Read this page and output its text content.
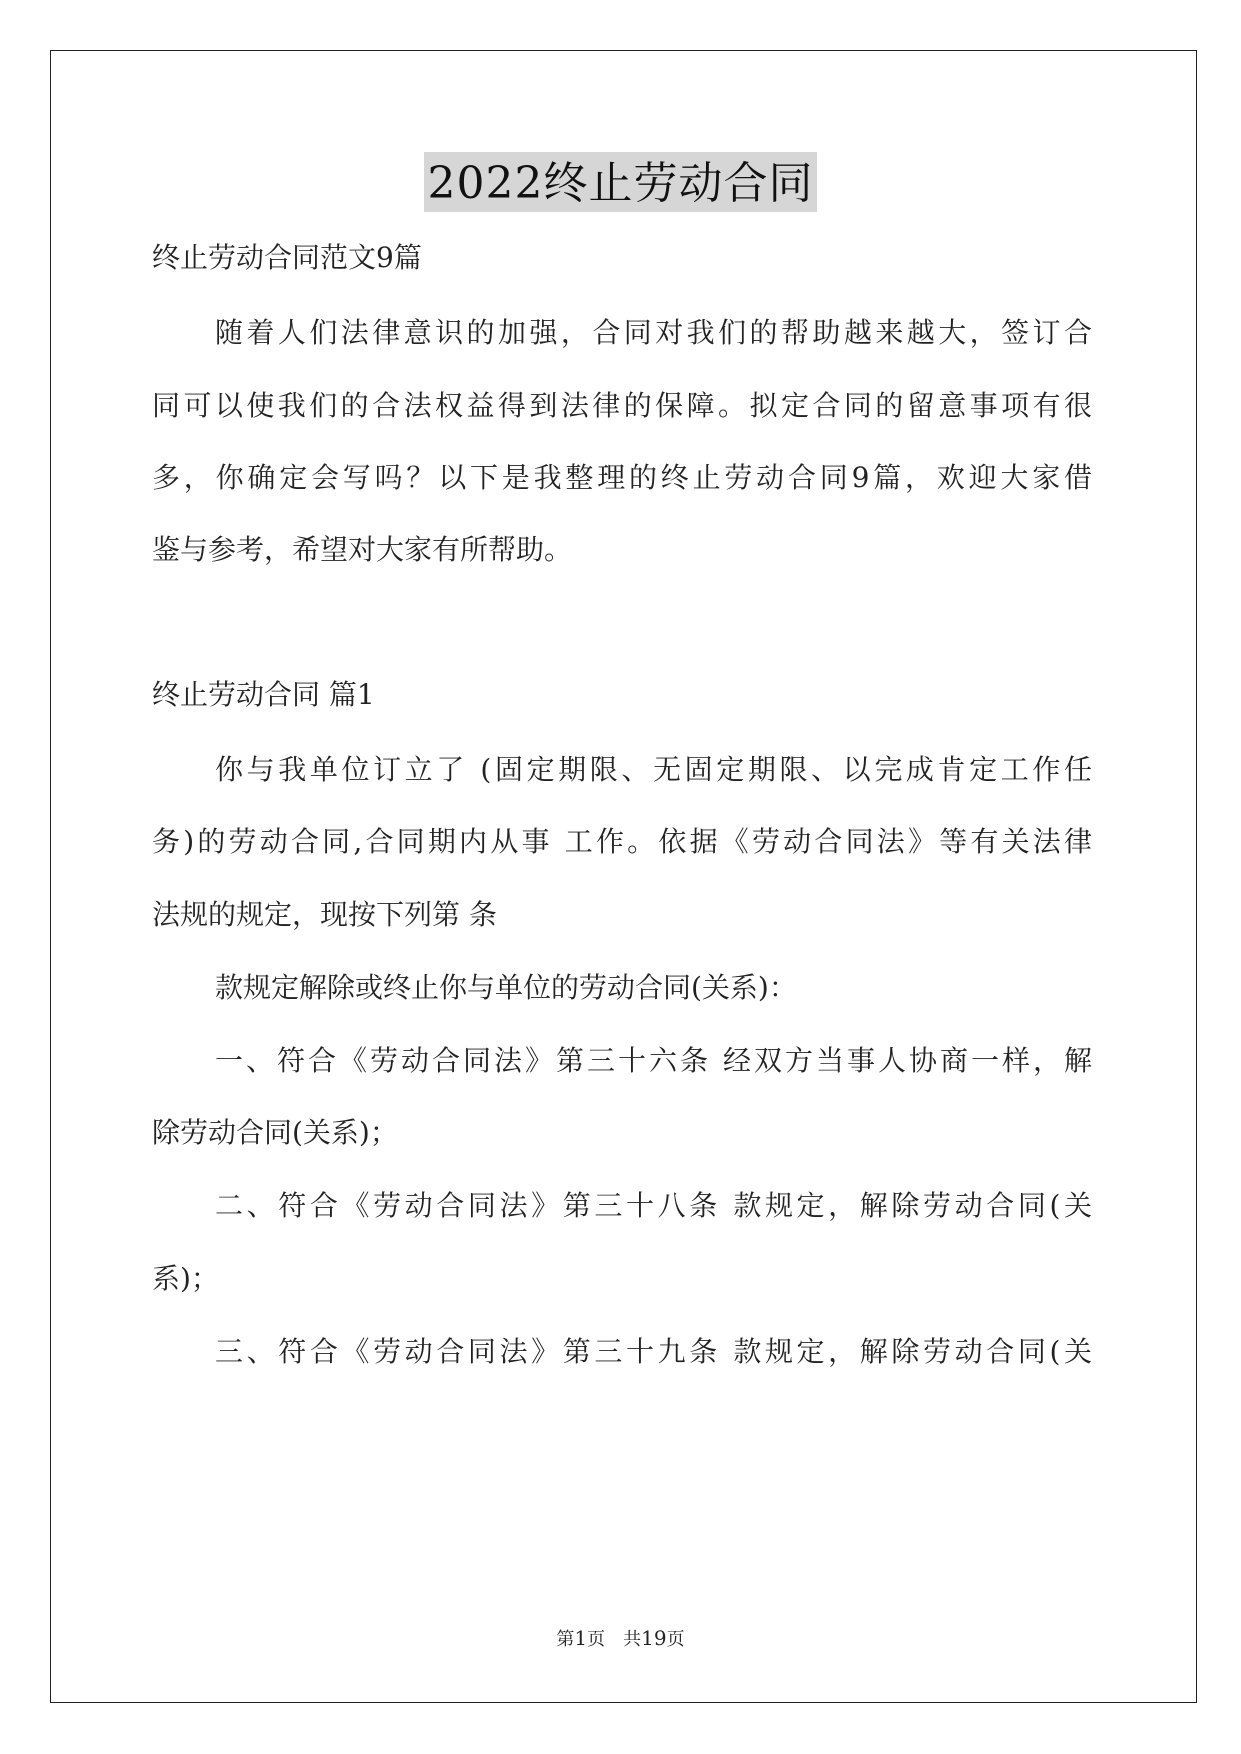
2022终止劳动合同
终止劳动合同范文9篇
随着人们法律意识的加强，合同对我们的帮助越来越大，签订合
同可以使我们的合法权益得到法律的保障。拟定合同的留意事项有很
多，你确定会写吗？以下是我整理的终止劳动合同9篇，欢迎大家借
鉴与参考，希望对大家有所帮助。
终止劳动合同 篇1
你与我单位订立了 (固定期限、无固定期限、以完成肯定工作任
务)的劳动合同,合同期内从事 工作。依据《劳动合同法》等有关法律
法规的规定，现按下列第 条
款规定解除或终止你与单位的劳动合同(关系)：
一、符合《劳动合同法》第三十六条 经双方当事人协商一样，解
除劳动合同(关系)；
二、符合《劳动合同法》第三十八条 款规定，解除劳动合同(关
系)；
三、符合《劳动合同法》第三十九条 款规定，解除劳动合同(关
第1页　共19页
